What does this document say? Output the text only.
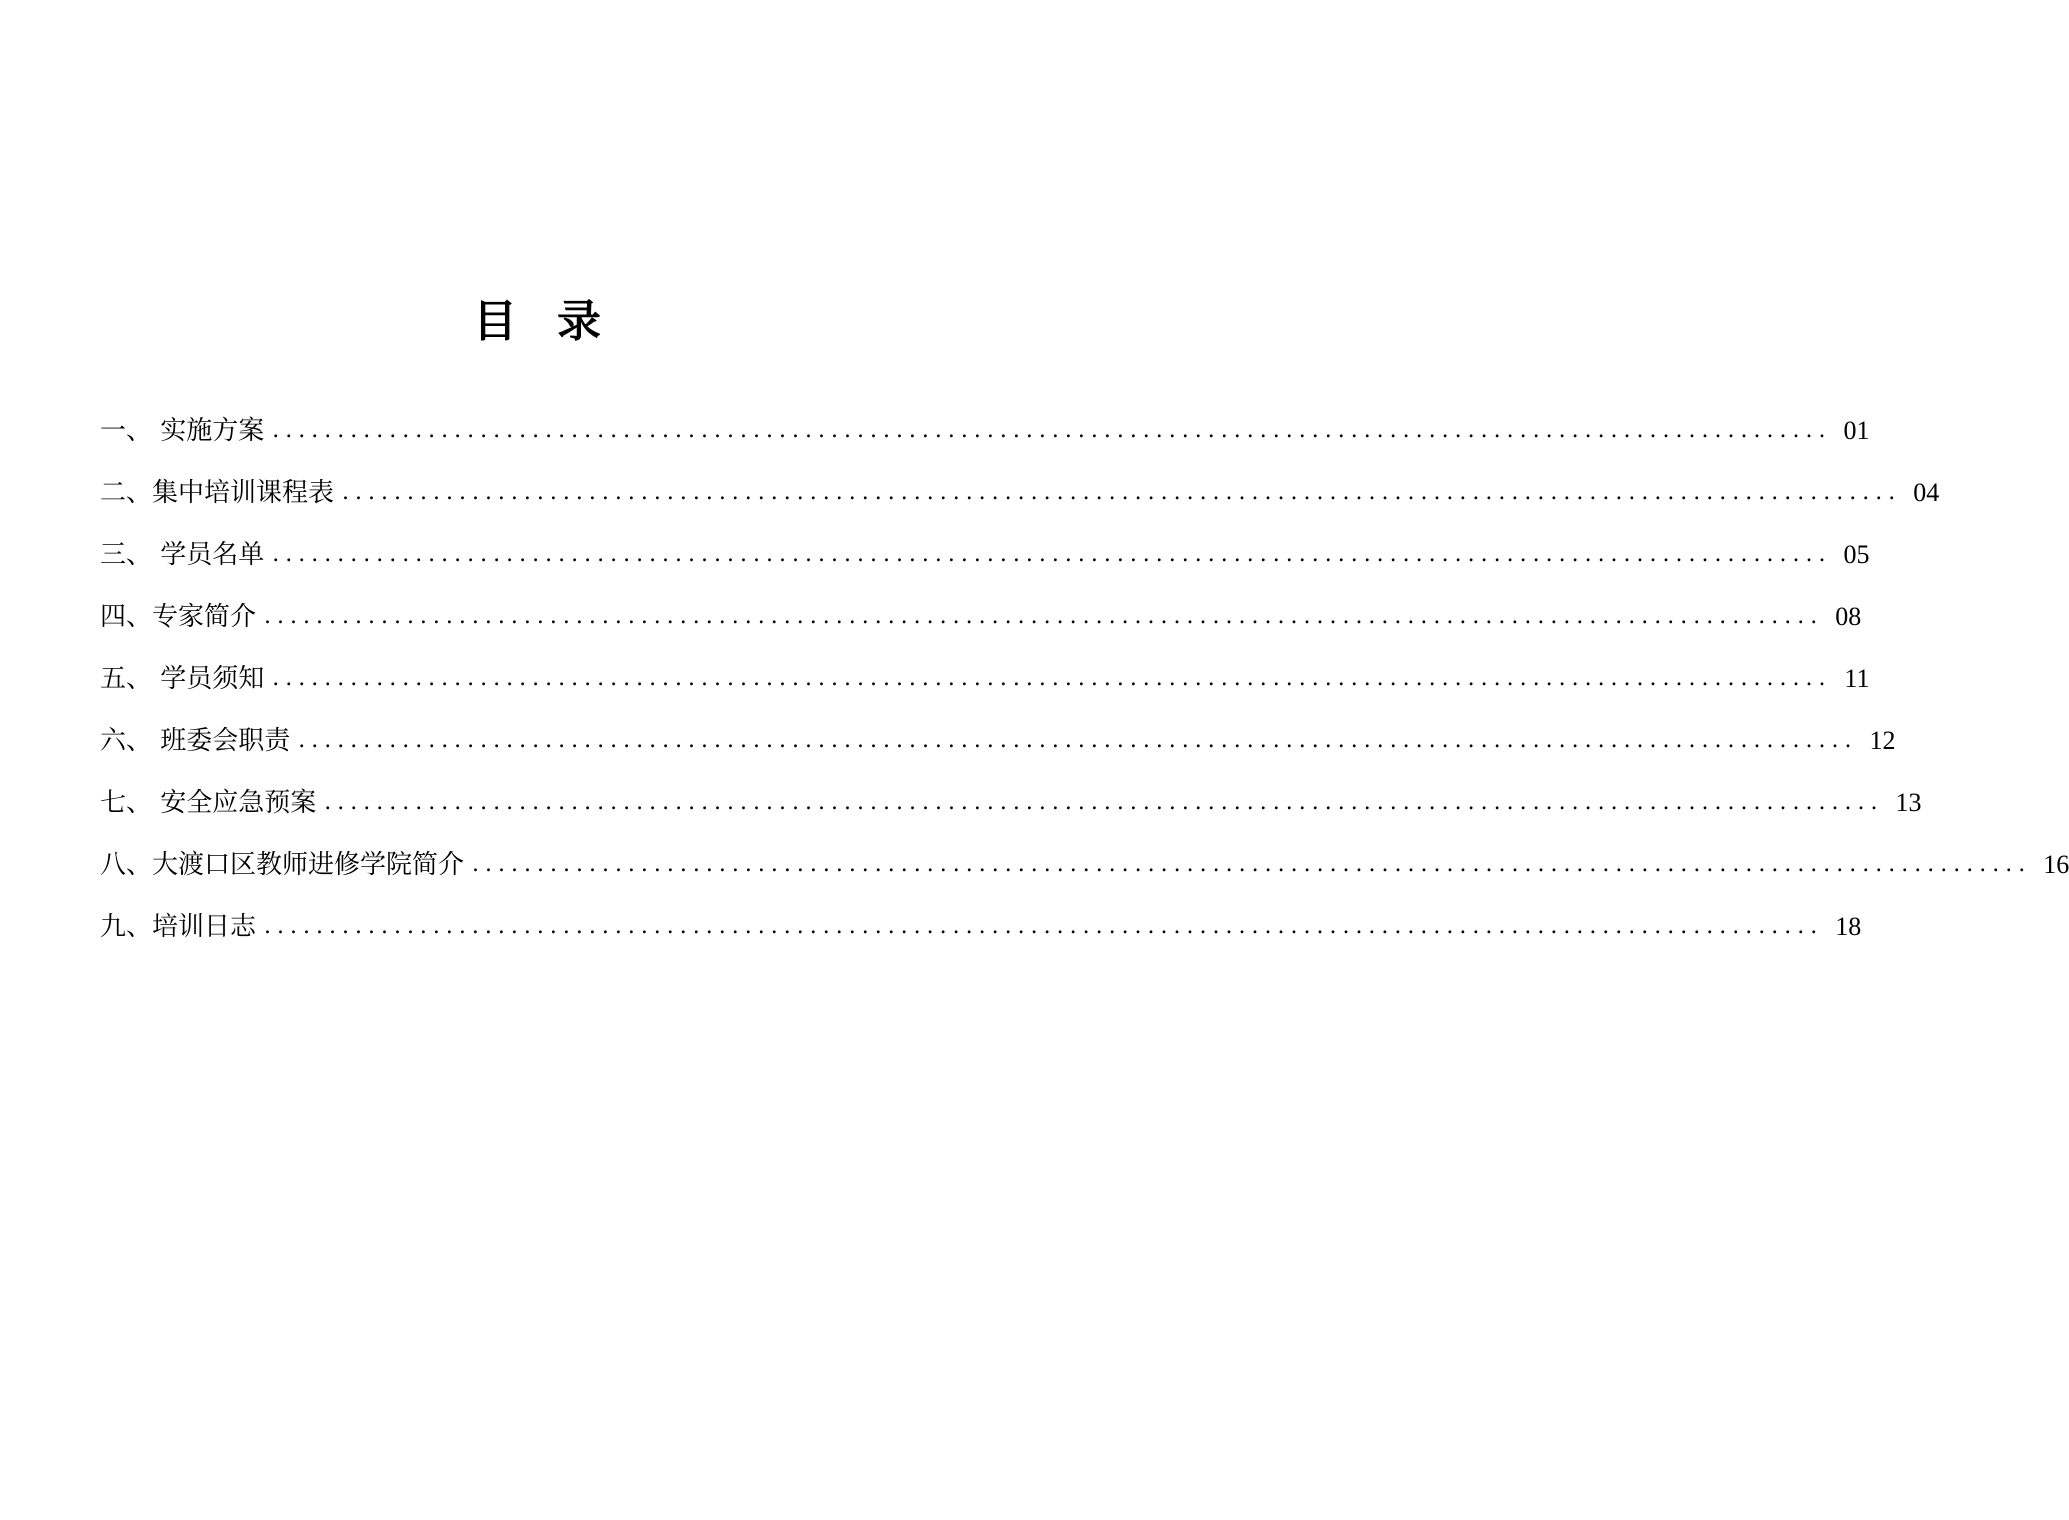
目 录
一、 实施方案 ........................................................................................................................ 01
二、集中培训课程表 ........................................................................................................................ 04
三、 学员名单 ........................................................................................................................ 05
四、专家简介 ........................................................................................................................ 08
五、 学员须知 ........................................................................................................................ 11
六、 班委会职责 ........................................................................................................................ 12
七、 安全应急预案 ........................................................................................................................ 13
八、大渡口区教师进修学院简介 ........................................................................................................................ 16
九、培训日志 ........................................................................................................................ 18
